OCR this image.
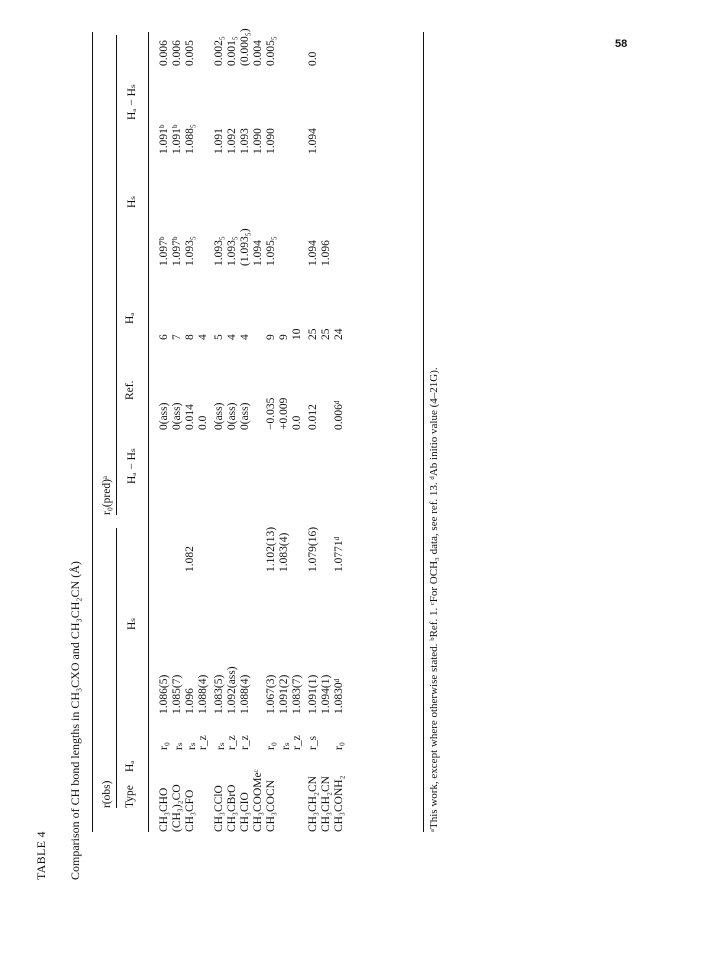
58
TABLE 4 Comparison of CH bond lengths in CH₃CXO and CH₃CH₂CN (Å) r(obs)
r₀(pred)ᵃ
Type
Hₐ
Hₛ
Hₐ − Hₛ
Ref.
Hₐ
Hₛ
Hₐ − Hₛ
CH₃CHO
r₀
1.086(5)
0(ass)
6
1.097ᵇ
1.091ᵇ
0.006
(CH₃)₂CO
rₛ
1.085(7)
0(ass)
7
1.097ᵇ
1.091ᵇ
0.006
CH₃CFO
rₛ
1.096
1.082
0.014
8
1.093₅
1.088₅
0.005
r_z
1.088(4)
0.0
4
CH₃CClO
rₛ
1.083(5)
0(ass)
5
1.093₅
1.091
0.002₅
CH₃CBrO
r_z
1.092(ass)
0(ass)
4
1.093₅
1.092
0.001₅
CH₃CIO
r_z
1.088(4)
0(ass)
4
(1.093₅)
1.093
(0.000₅)
CH₃COOMeᶜ
1.094
1.090
0.004
CH₃COCN
r₀
1.067(3)
1.102(13)
−0.035
9
1.095₅
1.090
0.005₅
rₛ
1.091(2)
1.083(4)
+0.009
9
r_z
1.083(7)
0.0
10
CH₃CH₂CN
r_s
1.091(1)
1.079(16)
0.012
25
1.094
1.094
0.0
CH₃CH₂CN
1.094(1)
25
1.096
CH₃CONH₂
r₀
1.0830ᵈ
1.0771ᵈ
0.006ᵈ
24
ᵃThis work, except where otherwise stated. ᵇRef. 1. ᶜFor OCH₃ data, see ref. 13. ᵈAb initio value (4–21G).
